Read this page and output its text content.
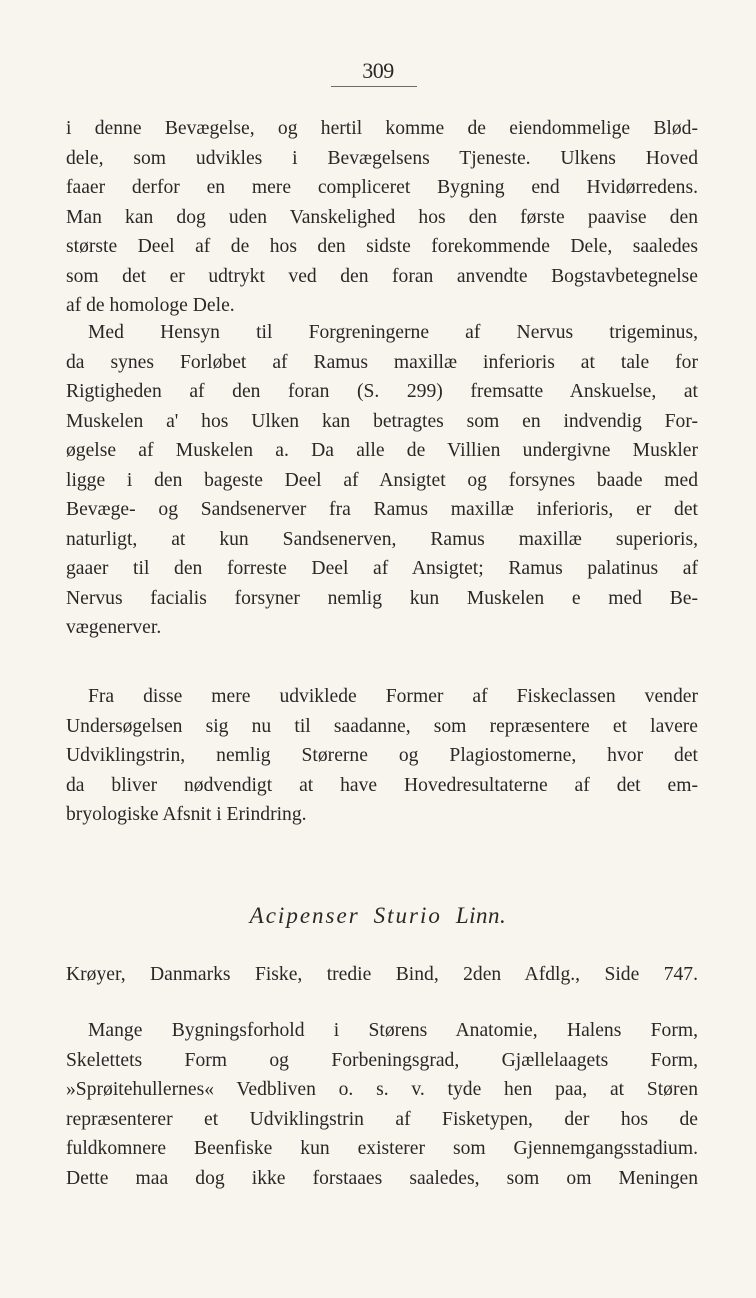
309
i denne Bevægelse, og hertil komme de eiendommelige Blød-
dele, som udvikles i Bevægelsens Tjeneste. Ulkens Hoved
faaer derfor en mere compliceret Bygning end Hvidørredens.
Man kan dog uden Vanskelighed hos den første paavise den
største Deel af de hos den sidste forekommende Dele, saaledes
som det er udtrykt ved den foran anvendte Bogstavbetegnelse
af de homologe Dele.
Med Hensyn til Forgreningerne af Nervus trigeminus,
da synes Forløbet af Ramus maxillæ inferioris at tale for
Rigtigheden af den foran (S. 299) fremsatte Anskuelse, at
Muskelen a' hos Ulken kan betragtes som en indvendig For-
øgelse af Muskelen a. Da alle de Villien undergivne Muskler
ligge i den bageste Deel af Ansigtet og forsynes baade med
Bevæge- og Sandsenerver fra Ramus maxillæ inferioris, er det
naturligt, at kun Sandsenerven, Ramus maxillæ superioris,
gaaer til den forreste Deel af Ansigtet; Ramus palatinus af
Nervus facialis forsyner nemlig kun Muskelen e med Be-
vægenerver.
Fra disse mere udviklede Former af Fiskeclassen vender
Undersøgelsen sig nu til saadanne, som repræsentere et lavere
Udviklingstrin, nemlig Størerne og Plagiostomerne, hvor det
da bliver nødvendigt at have Hovedresultaterne af det em-
bryologiske Afsnit i Erindring.
Acipenser Sturio Linn.
Krøyer, Danmarks Fiske, tredie Bind, 2den Afdlg., Side 747.
Mange Bygningsforhold i Størens Anatomie, Halens Form,
Skelettets Form og Forbeningsgrad, Gjællelaagets Form,
»Sprøitehullernes« Vedbliven o. s. v. tyde hen paa, at Støren
repræsenterer et Udviklingstrin af Fisketypen, der hos de
fuldkomnere Beenfiske kun existerer som Gjennemgangsstadium.
Dette maa dog ikke forstaaes saaledes, som om Meningen
